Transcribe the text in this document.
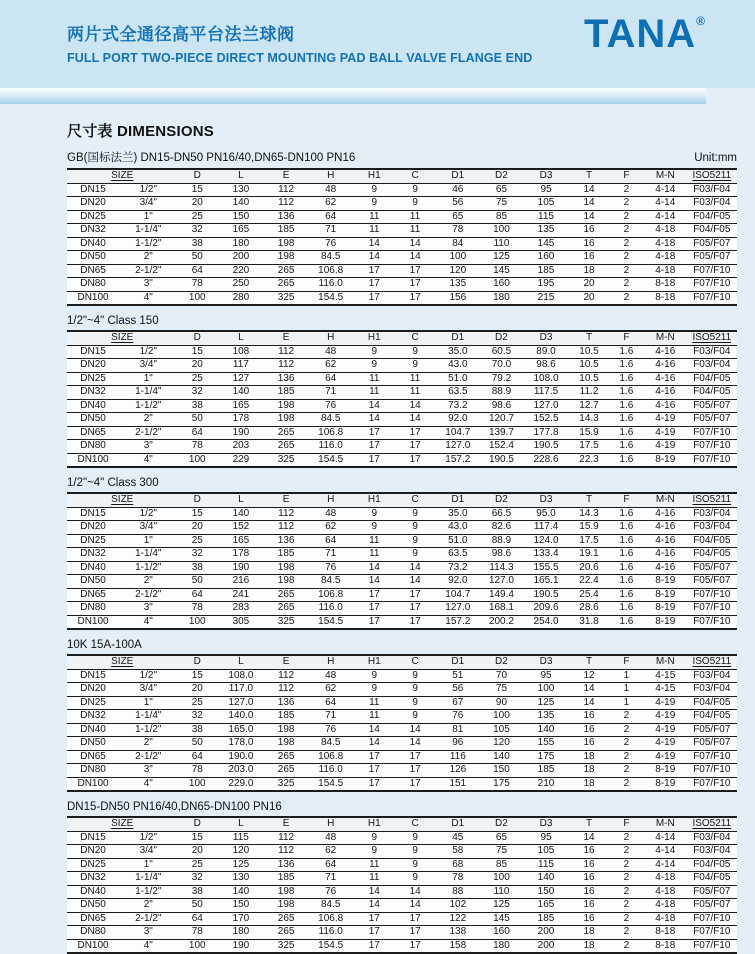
两片式全通径高平台法兰球阀
FULL PORT TWO-PIECE DIRECT MOUNTING PAD BALL VALVE FLANGE END
TANA®
尺寸表 DIMENSIONS
GB(国标法兰) DN15-DN50 PN16/40,DN65-DN100 PN16	Unit:mm
SIZE		D	L	E	H	H1	C	D1	D2	D3	T	F	M-N	ISO5211
DN15	1/2"	15	130	112	48	9	9	46	65	95	14	2	4-14	F03/F04
DN20	3/4"	20	140	112	62	9	9	56	75	105	14	2	4-14	F03/F04
DN25	1"	25	150	136	64	11	11	65	85	115	14	2	4-14	F04/F05
DN32	1-1/4"	32	165	185	71	11	11	78	100	135	16	2	4-18	F04/F05
DN40	1-1/2"	38	180	198	76	14	14	84	110	145	16	2	4-18	F05/F07
DN50	2"	50	200	198	84.5	14	14	100	125	160	16	2	4-18	F05/F07
DN65	2-1/2"	64	220	265	106.8	17	17	120	145	185	18	2	4-18	F07/F10
DN80	3"	78	250	265	116.0	17	17	135	160	195	20	2	8-18	F07/F10
DN100	4"	100	280	325	154.5	17	17	156	180	215	20	2	8-18	F07/F10
1/2"~4" Class 150
SIZE		D	L	E	H	H1	C	D1	D2	D3	T	F	M-N	ISO5211
DN15	1/2"	15	108	112	48	9	9	35.0	60.5	89.0	10.5	1.6	4-16	F03/F04
DN20	3/4"	20	117	112	62	9	9	43.0	70.0	98.6	10.5	1.6	4-16	F03/F04
DN25	1"	25	127	136	64	11	11	51.0	79.2	108.0	10.5	1.6	4-16	F04/F05
DN32	1-1/4"	32	140	185	71	11	11	63.5	88.9	117.5	11.2	1.6	4-16	F04/F05
DN40	1-1/2"	38	165	198	76	14	14	73.2	98.6	127.0	12.7	1.6	4-16	F05/F07
DN50	2"	50	178	198	84.5	14	14	92.0	120.7	152.5	14.3	1.6	4-19	F05/F07
DN65	2-1/2"	64	190	265	106.8	17	17	104.7	139.7	177.8	15.9	1.6	4-19	F07/F10
DN80	3"	78	203	265	116.0	17	17	127.0	152.4	190.5	17.5	1.6	4-19	F07/F10
DN100	4"	100	229	325	154.5	17	17	157.2	190.5	228.6	22.3	1.6	8-19	F07/F10
1/2"~4" Class 300
SIZE		D	L	E	H	H1	C	D1	D2	D3	T	F	M-N	ISO5211
DN15	1/2"	15	140	112	48	9	9	35.0	66.5	95.0	14.3	1.6	4-16	F03/F04
DN20	3/4"	20	152	112	62	9	9	43.0	82.6	117.4	15.9	1.6	4-16	F03/F04
DN25	1"	25	165	136	64	11	9	51.0	88.9	124.0	17.5	1.6	4-16	F04/F05
DN32	1-1/4"	32	178	185	71	11	9	63.5	98.6	133.4	19.1	1.6	4-16	F04/F05
DN40	1-1/2"	38	190	198	76	14	14	73.2	114.3	155.5	20.6	1.6	4-16	F05/F07
DN50	2"	50	216	198	84.5	14	14	92.0	127.0	165.1	22.4	1.6	8-19	F05/F07
DN65	2-1/2"	64	241	265	106.8	17	17	104.7	149.4	190.5	25.4	1.6	8-19	F07/F10
DN80	3"	78	283	265	116.0	17	17	127.0	168.1	209.6	28.6	1.6	8-19	F07/F10
DN100	4"	100	305	325	154.5	17	17	157.2	200.2	254.0	31.8	1.6	8-19	F07/F10
10K 15A-100A
SIZE		D	L	E	H	H1	C	D1	D2	D3	T	F	M-N	ISO5211
DN15	1/2"	15	108.0	112	48	9	9	51	70	95	12	1	4-15	F03/F04
DN20	3/4"	20	117.0	112	62	9	9	56	75	100	14	1	4-15	F03/F04
DN25	1"	25	127.0	136	64	11	9	67	90	125	14	1	4-19	F04/F05
DN32	1-1/4"	32	140.0	185	71	11	9	76	100	135	16	2	4-19	F04/F05
DN40	1-1/2"	38	165.0	198	76	14	14	81	105	140	16	2	4-19	F05/F07
DN50	2"	50	178.0	198	84.5	14	14	96	120	155	16	2	4-19	F05/F07
DN65	2-1/2"	64	190.0	265	106.8	17	17	116	140	175	18	2	4-19	F07/F10
DN80	3"	78	203.0	265	116.0	17	17	126	150	185	18	2	8-19	F07/F10
DN100	4"	100	229.0	325	154.5	17	17	151	175	210	18	2	8-19	F07/F10
DN15-DN50 PN16/40,DN65-DN100 PN16
SIZE		D	L	E	H	H1	C	D1	D2	D3	T	F	M-N	ISO5211
DN15	1/2"	15	115	112	48	9	9	45	65	95	14	2	4-14	F03/F04
DN20	3/4"	20	120	112	62	9	9	58	75	105	16	2	4-14	F03/F04
DN25	1"	25	125	136	64	11	9	68	85	115	16	2	4-14	F04/F05
DN32	1-1/4"	32	130	185	71	11	9	78	100	140	16	2	4-18	F04/F05
DN40	1-1/2"	38	140	198	76	14	14	88	110	150	16	2	4-18	F05/F07
DN50	2"	50	150	198	84.5	14	14	102	125	165	16	2	4-18	F05/F07
DN65	2-1/2"	64	170	265	106.8	17	17	122	145	185	16	2	4-18	F07/F10
DN80	3"	78	180	265	116.0	17	17	138	160	200	18	2	8-18	F07/F10
DN100	4"	100	190	325	154.5	17	17	158	180	200	18	2	8-18	F07/F10
